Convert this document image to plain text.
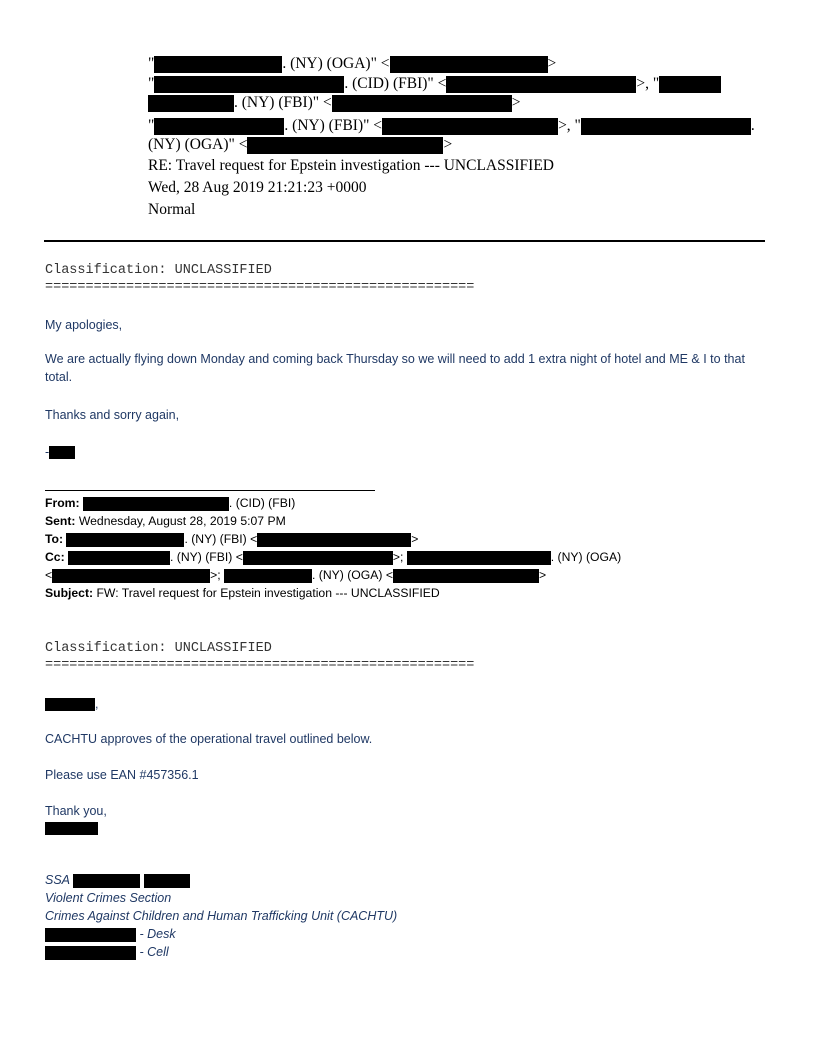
"	. (NY) (OGA)" <	>
"	. (CID) (FBI)" <	>, "
. (NY) (FBI)" <	>
"	. (NY) (FBI)" <	>, "	.
(NY) (OGA)" <	>
RE: Travel request for Epstein investigation --- UNCLASSIFIED
Wed, 28 Aug 2019 21:21:23 +0000
Normal
Classification: UNCLASSIFIED
=====================================================
My apologies,
We are actually flying down Monday and coming back Thursday so we will need to add 1 extra night of hotel and ME & I to that total.
Thanks and sorry again,
-
From:	. (CID) (FBI)
Sent: Wednesday, August 28, 2019 5:07 PM
To:	. (NY) (FBI) <	>
Cc:	. (NY) (FBI) <	>;	. (NY) (OGA)
<	>;	. (NY) (OGA) <	>
Subject: FW: Travel request for Epstein investigation --- UNCLASSIFIED
Classification: UNCLASSIFIED
=====================================================
,
CACHTU approves of the operational travel outlined below.
Please use EAN #457356.1
Thank you,
SSA
Violent Crimes Section
Crimes Against Children and Human Trafficking Unit (CACHTU)
- Desk
- Cell
